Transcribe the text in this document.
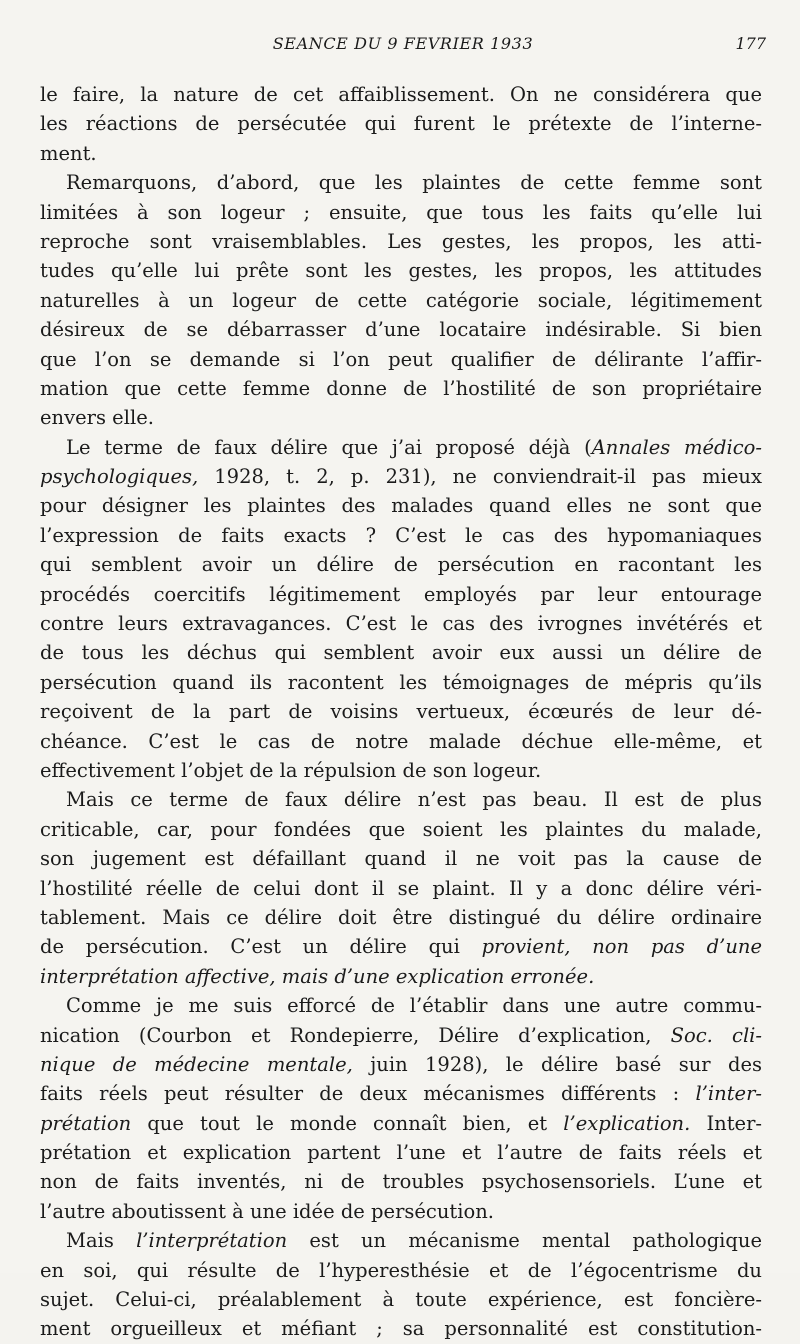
SEANCE DU 9 FEVRIER 1933	177
le faire, la nature de cet affaiblissement. On ne considérera que
les réactions de persécutée qui furent le prétexte de l’interne-
ment.
Remarquons, d’abord, que les plaintes de cette femme sont
limitées à son logeur ; ensuite, que tous les faits qu’elle lui
reproche sont vraisemblables. Les gestes, les propos, les atti-
tudes qu’elle lui prête sont les gestes, les propos, les attitudes
naturelles à un logeur de cette catégorie sociale, légitimement
désireux de se débarrasser d’une locataire indésirable. Si bien
que l’on se demande si l’on peut qualifier de délirante l’affir-
mation que cette femme donne de l’hostilité de son propriétaire
envers elle.
Le terme de faux délire que j’ai proposé déjà (Annales médico-
psychologiques, 1928, t. 2, p. 231), ne conviendrait-il pas mieux
pour désigner les plaintes des malades quand elles ne sont que
l’expression de faits exacts ? C’est le cas des hypomaniaques
qui semblent avoir un délire de persécution en racontant les
procédés coercitifs légitimement employés par leur entourage
contre leurs extravagances. C’est le cas des ivrognes invétérés et
de tous les déchus qui semblent avoir eux aussi un délire de
persécution quand ils racontent les témoignages de mépris qu’ils
reçoivent de la part de voisins vertueux, écœurés de leur dé-
chéance. C’est le cas de notre malade déchue elle-même, et
effectivement l’objet de la répulsion de son logeur.
Mais ce terme de faux délire n’est pas beau. Il est de plus
criticable, car, pour fondées que soient les plaintes du malade,
son jugement est défaillant quand il ne voit pas la cause de
l’hostilité réelle de celui dont il se plaint. Il y a donc délire véri-
tablement. Mais ce délire doit être distingué du délire ordinaire
de persécution. C’est un délire qui provient, non pas d’une
interprétation affective, mais d’une explication erronée.
Comme je me suis efforcé de l’établir dans une autre commu-
nication (Courbon et Rondepierre, Délire d’explication, Soc. cli-
nique de médecine mentale, juin 1928), le délire basé sur des
faits réels peut résulter de deux mécanismes différents : l’inter-
prétation que tout le monde connaît bien, et l’explication. Inter-
prétation et explication partent l’une et l’autre de faits réels et
non de faits inventés, ni de troubles psychosensoriels. L’une et
l’autre aboutissent à une idée de persécution.
Mais l’interprétation est un mécanisme mental pathologique
en soi, qui résulte de l’hyperesthésie et de l’égocentrisme du
sujet. Celui-ci, préalablement à toute expérience, est foncière-
ment orgueilleux et méfiant ; sa personnalité est constitution-
